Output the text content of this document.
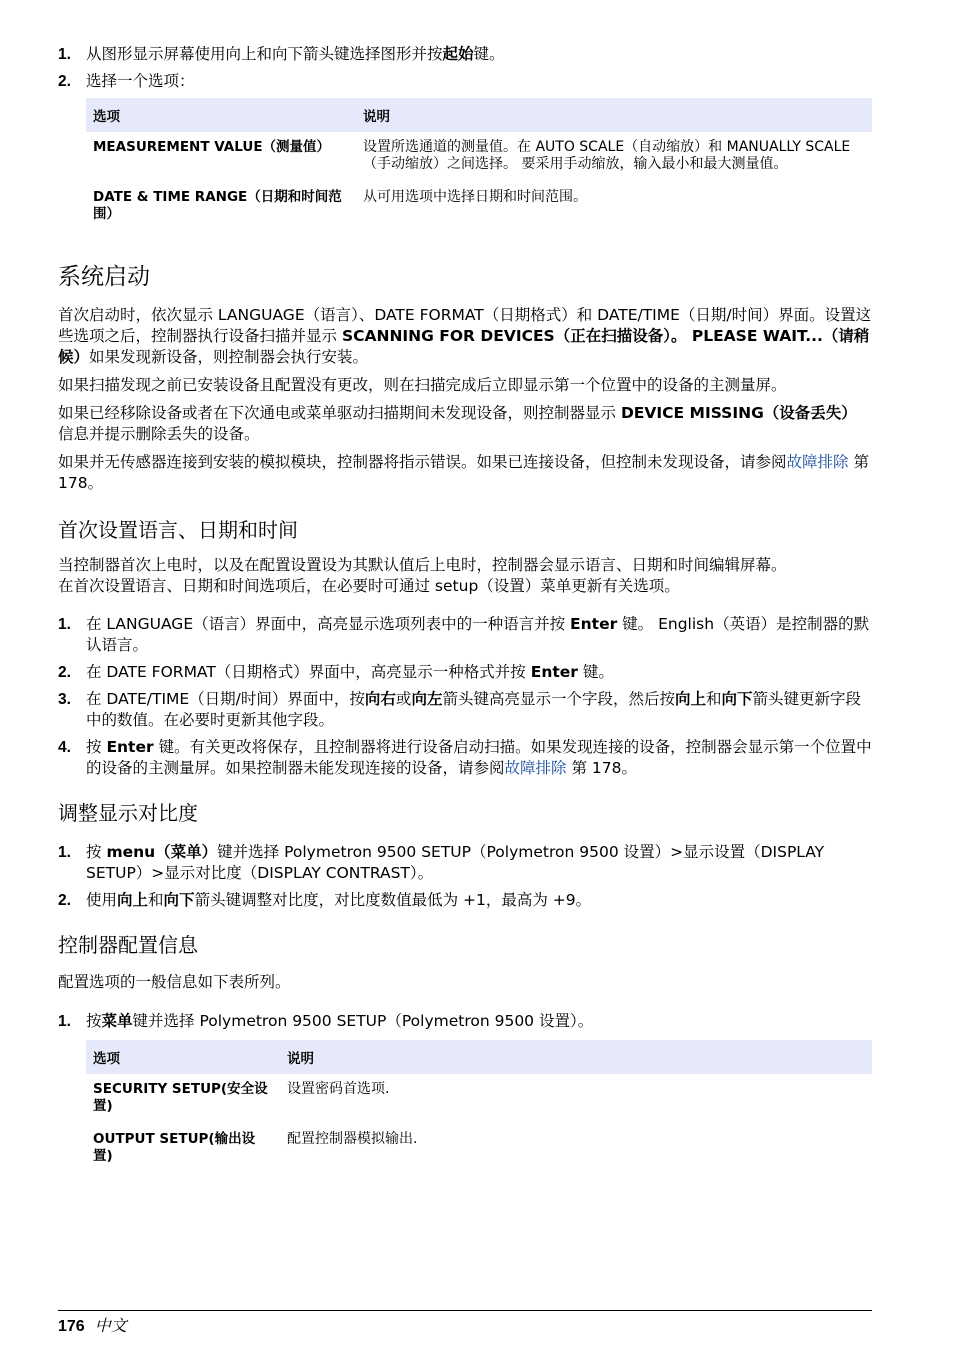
1. 从图形显示屏幕使用向上和向下箭头键选择图形并按起始键。
2. 选择一个选项：
选项	说明
MEASUREMENT VALUE（测量值）	设置所选通道的测量值。在 AUTO SCALE（自动缩放）和 MANUALLY SCALE（手动缩放）之间选择。 要采用手动缩放，输入最小和最大测量值。
DATE & TIME RANGE（日期和时间范围）	从可用选项中选择日期和时间范围。
系统启动

首次启动时，依次显示 LANGUAGE（语言）、DATE FORMAT（日期格式）和 DATE/TIME（日期/时间）界面。设置这些选项之后，控制器执行设备扫描并显示 SCANNING FOR DEVICES（正在扫描设备）。 PLEASE WAIT...（请稍候）如果发现新设备，则控制器会执行安装。

如果扫描发现之前已安装设备且配置没有更改，则在扫描完成后立即显示第一个位置中的设备的主测量屏。

如果已经移除设备或者在下次通电或菜单驱动扫描期间未发现设备，则控制器显示 DEVICE MISSING（设备丢失）信息并提示删除丢失的设备。

如果并无传感器连接到安装的模拟模块，控制器将指示错误。如果已连接设备，但控制未发现设备，请参阅故障排除 第 178。

首次设置语言、日期和时间

当控制器首次上电时，以及在配置设置设为其默认值后上电时，控制器会显示语言、日期和时间编辑屏幕。

在首次设置语言、日期和时间选项后，在必要时可通过 setup（设置）菜单更新有关选项。

1. 在 LANGUAGE（语言）界面中，高亮显示选项列表中的一种语言并按 Enter 键。 English（英语）是控制器的默认语言。
2. 在 DATE FORMAT（日期格式）界面中，高亮显示一种格式并按 Enter 键。
3. 在 DATE/TIME（日期/时间）界面中，按向右或向左箭头键高亮显示一个字段，然后按向上和向下箭头键更新字段中的数值。在必要时更新其他字段。
4. 按 Enter 键。有关更改将保存，且控制器将进行设备启动扫描。如果发现连接的设备，控制器会显示第一个位置中的设备的主测量屏。如果控制器未能发现连接的设备，请参阅故障排除 第 178。
调整显示对比度
1. 按 menu（菜单）键并选择 Polymetron 9500 SETUP（Polymetron 9500 设置）>显示设置（DISPLAY SETUP）>显示对比度（DISPLAY CONTRAST）。
2. 使用向上和向下箭头键调整对比度，对比度数值最低为 +1，最高为 +9。
控制器配置信息

配置选项的一般信息如下表所列。

1. 按菜单键并选择 Polymetron 9500 SETUP（Polymetron 9500 设置）。
选项	说明
SECURITY SETUP(安全设置)	设置密码首选项.
OUTPUT SETUP(输出设置)	配置控制器模拟输出.
176 中文
